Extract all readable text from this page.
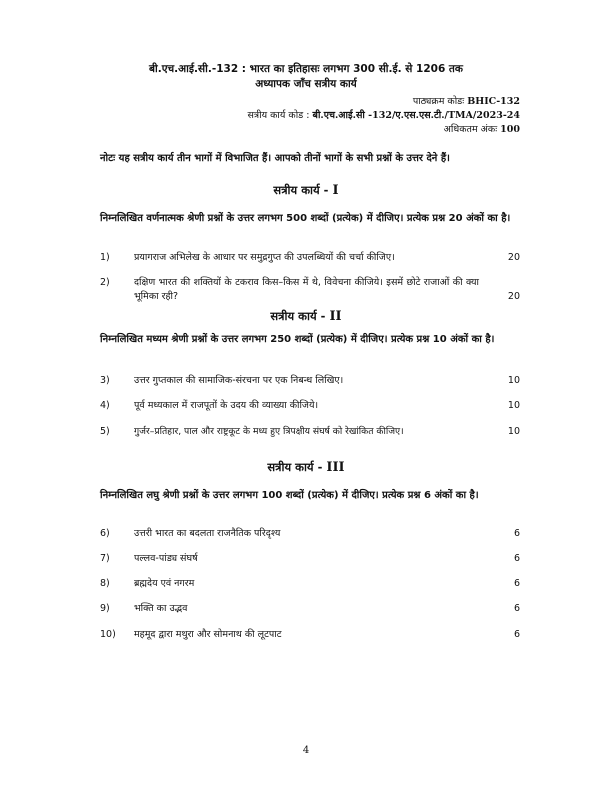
बी.एच.आई.सी.-132 : भारत का इतिहासः लगभग 300 सी.ई. से 1206 तक
अध्यापक जाँच सत्रीय कार्य
पाठ्यक्रम कोडः BHIC-132
सत्रीय कार्य कोड : बी.एच.आई.सी -132/ए.एस.एस.टी./TMA/2023-24
अधिकतम अंकः 100
नोटः यह सत्रीय कार्य तीन भागों में विभाजित हैं। आपको तीनों भागों के सभी प्रश्नों के उत्तर देने हैं।
सत्रीय कार्य - I
निम्नलिखित वर्णनात्मक श्रेणी प्रश्नों के उत्तर लगभग 500 शब्दों (प्रत्येक) में दीजिए। प्रत्येक प्रश्न 20 अंकों का है।
1)	प्रयागराज अभिलेख के आधार पर समुद्रगुप्त की उपलब्धियों की चर्चा कीजिए।	20
2)	दक्षिण भारत की शक्तियों के टकराव किस–किस में थे, विवेचना कीजिये। इसमें छोटे राजाओं की क्या भूमिका रही?	20
सत्रीय कार्य - II
निम्नलिखित मध्यम श्रेणी प्रश्नों के उत्तर लगभग 250 शब्दों (प्रत्येक) में दीजिए। प्रत्येक प्रश्न 10 अंकों का है।
3)	उत्तर गुप्तकाल की सामाजिक-संरचना पर एक निबन्ध लिखिए।	10
4)	पूर्व मध्यकाल में राजपूतों के उदय की व्याख्या कीजिये।	10
5)	गुर्जर–प्रतिहार, पाल और राष्ट्रकूट के मध्य हुए त्रिपक्षीय संघर्ष को रेखांकित कीजिए।	10
सत्रीय कार्य - III
निम्नलिखित लघु श्रेणी प्रश्नों के उत्तर लगभग 100 शब्दों (प्रत्येक) में दीजिए। प्रत्येक प्रश्न 6 अंकों का है।
6)	उत्तरी भारत का बदलता राजनैतिक परिदृश्य	6
7)	पल्लव-पांड्य संघर्ष	6
8)	ब्रह्मदेय एवं नगरम	6
9)	भक्ति का उद्भव	6
10) महमूद द्वारा मथुरा और सोमनाथ की लूटपाट	6
4
